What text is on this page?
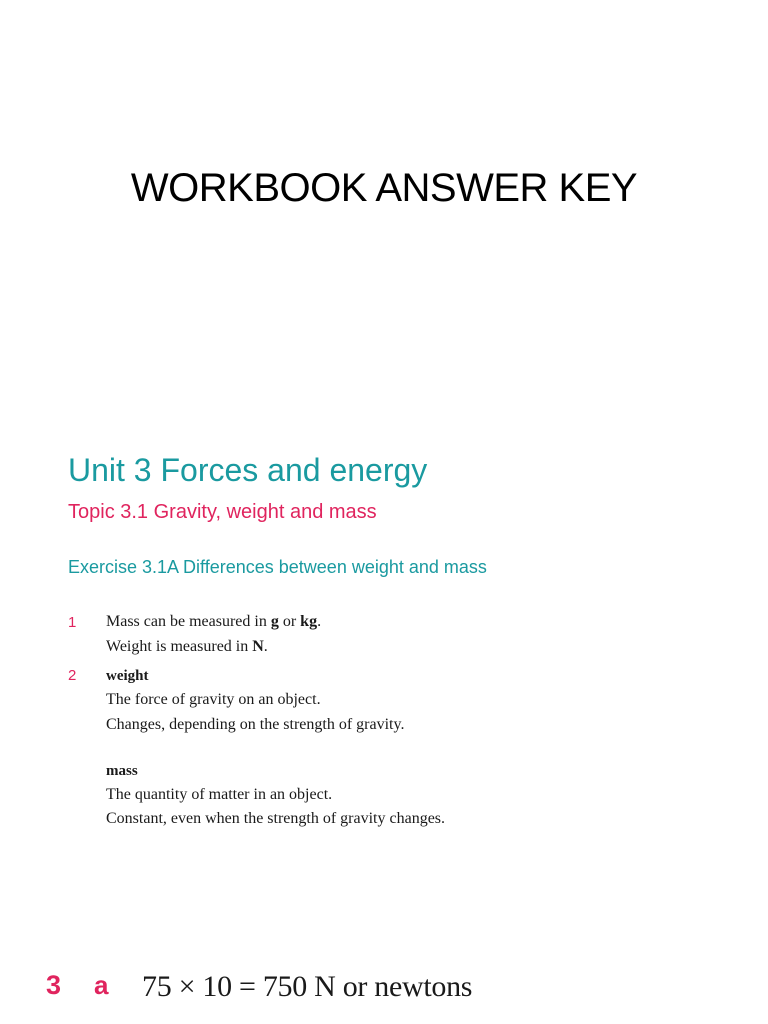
WORKBOOK ANSWER KEY
Unit 3 Forces and energy
Topic 3.1 Gravity, weight and mass
Exercise 3.1A Differences between weight and mass
1 Mass can be measured in g or kg.
Weight is measured in N.
2 weight
The force of gravity on an object.
Changes, depending on the strength of gravity.
mass
The quantity of matter in an object.
Constant, even when the strength of gravity changes.
3 a 75 × 10 = 750 N or newtons
